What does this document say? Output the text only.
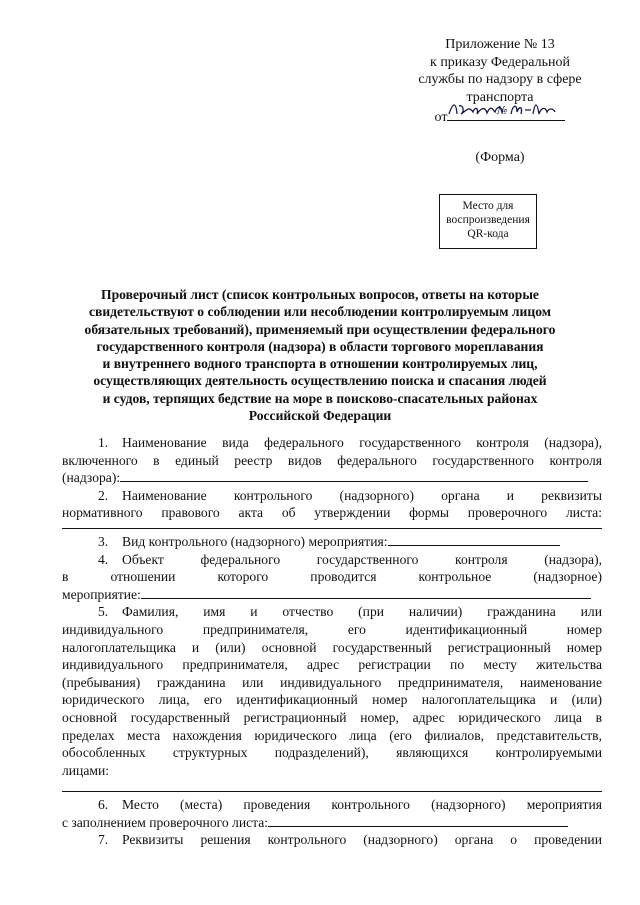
Приложение № 13
к приказу Федеральной
службы по надзору в сфере
транспорта
от	№
(Форма)
Место для
воспроизведения
QR-кода
Проверочный лист (список контрольных вопросов, ответы на которые
свидетельствуют о соблюдении или несоблюдении контролируемым лицом
обязательных требований), применяемый при осуществлении федерального
государственного контроля (надзора) в области торгового мореплавания
и внутреннего водного транспорта в отношении контролируемых лиц,
осуществляющих деятельность осуществлению поиска и спасания людей
и судов, терпящих бедствие на море в поисково-спасательных районах
Российской Федерации

1. Наименование вида федерального государственного контроля (надзора),

включенного в единый реестр видов федерального государственного контроля

(надзора):

2. Наименование контрольного (надзорного) органа и реквизиты

нормативного правового акта об утверждении формы проверочного листа:

3. Вид контрольного (надзорного) мероприятия:

4. Объект федерального государственного контроля (надзора),

в отношении которого проводится контрольное (надзорное)

мероприятие:

5. Фамилия, имя и отчество (при наличии) гражданина или

индивидуального предпринимателя, его идентификационный номер

налогоплательщика и (или) основной государственный регистрационный номер

индивидуального предпринимателя, адрес регистрации по месту жительства

(пребывания) гражданина или индивидуального предпринимателя, наименование

юридического лица, его идентификационный номер налогоплательщика и (или)

основной государственный регистрационный номер, адрес юридического лица в

пределах места нахождения юридического лица (его филиалов, представительств,

обособленных структурных подразделений), являющихся контролируемыми

лицами:

6. Место (места) проведения контрольного (надзорного) мероприятия

с заполнением проверочного листа:

7. Реквизиты решения контрольного (надзорного) органа о проведении
